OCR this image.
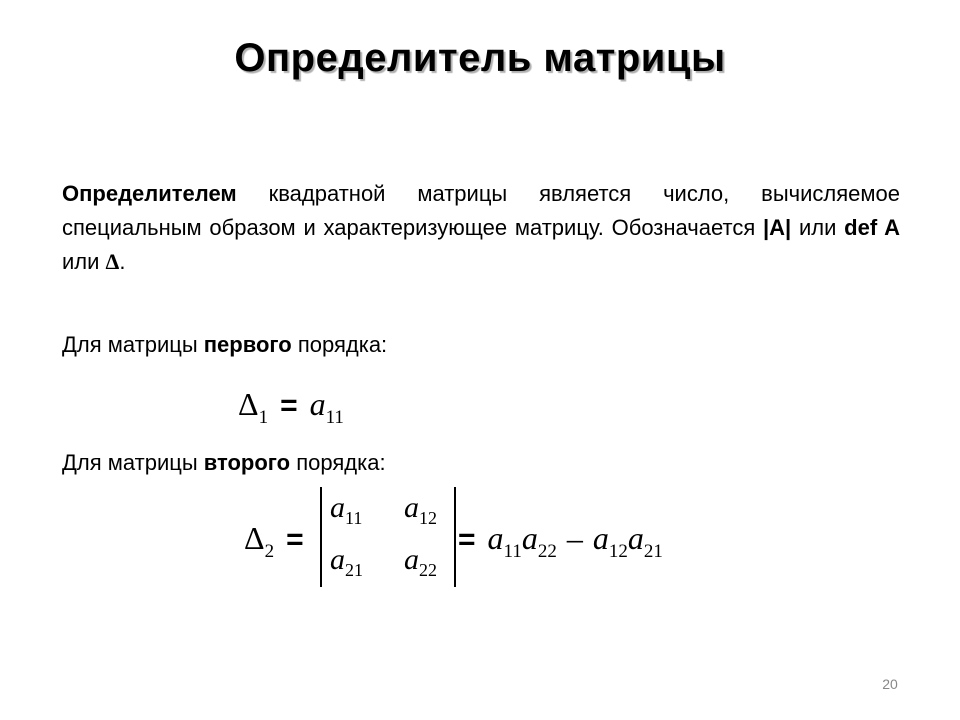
Определитель матрицы

Определителем квадратной матрицы является число, вычисляемое специальным образом и характеризующее матрицу. Обозначается |A| или def A или Δ.

Для матрицы первого порядка:

$\Delta_1 = a_{11}$

Для матрицы второго порядка:

$\Delta_2$ =
$a_{11}$ $a_{12}$
$a_{21}$ $a_{22}$
= $a_{11}a_{22} - a_{12}a_{21}$
20
